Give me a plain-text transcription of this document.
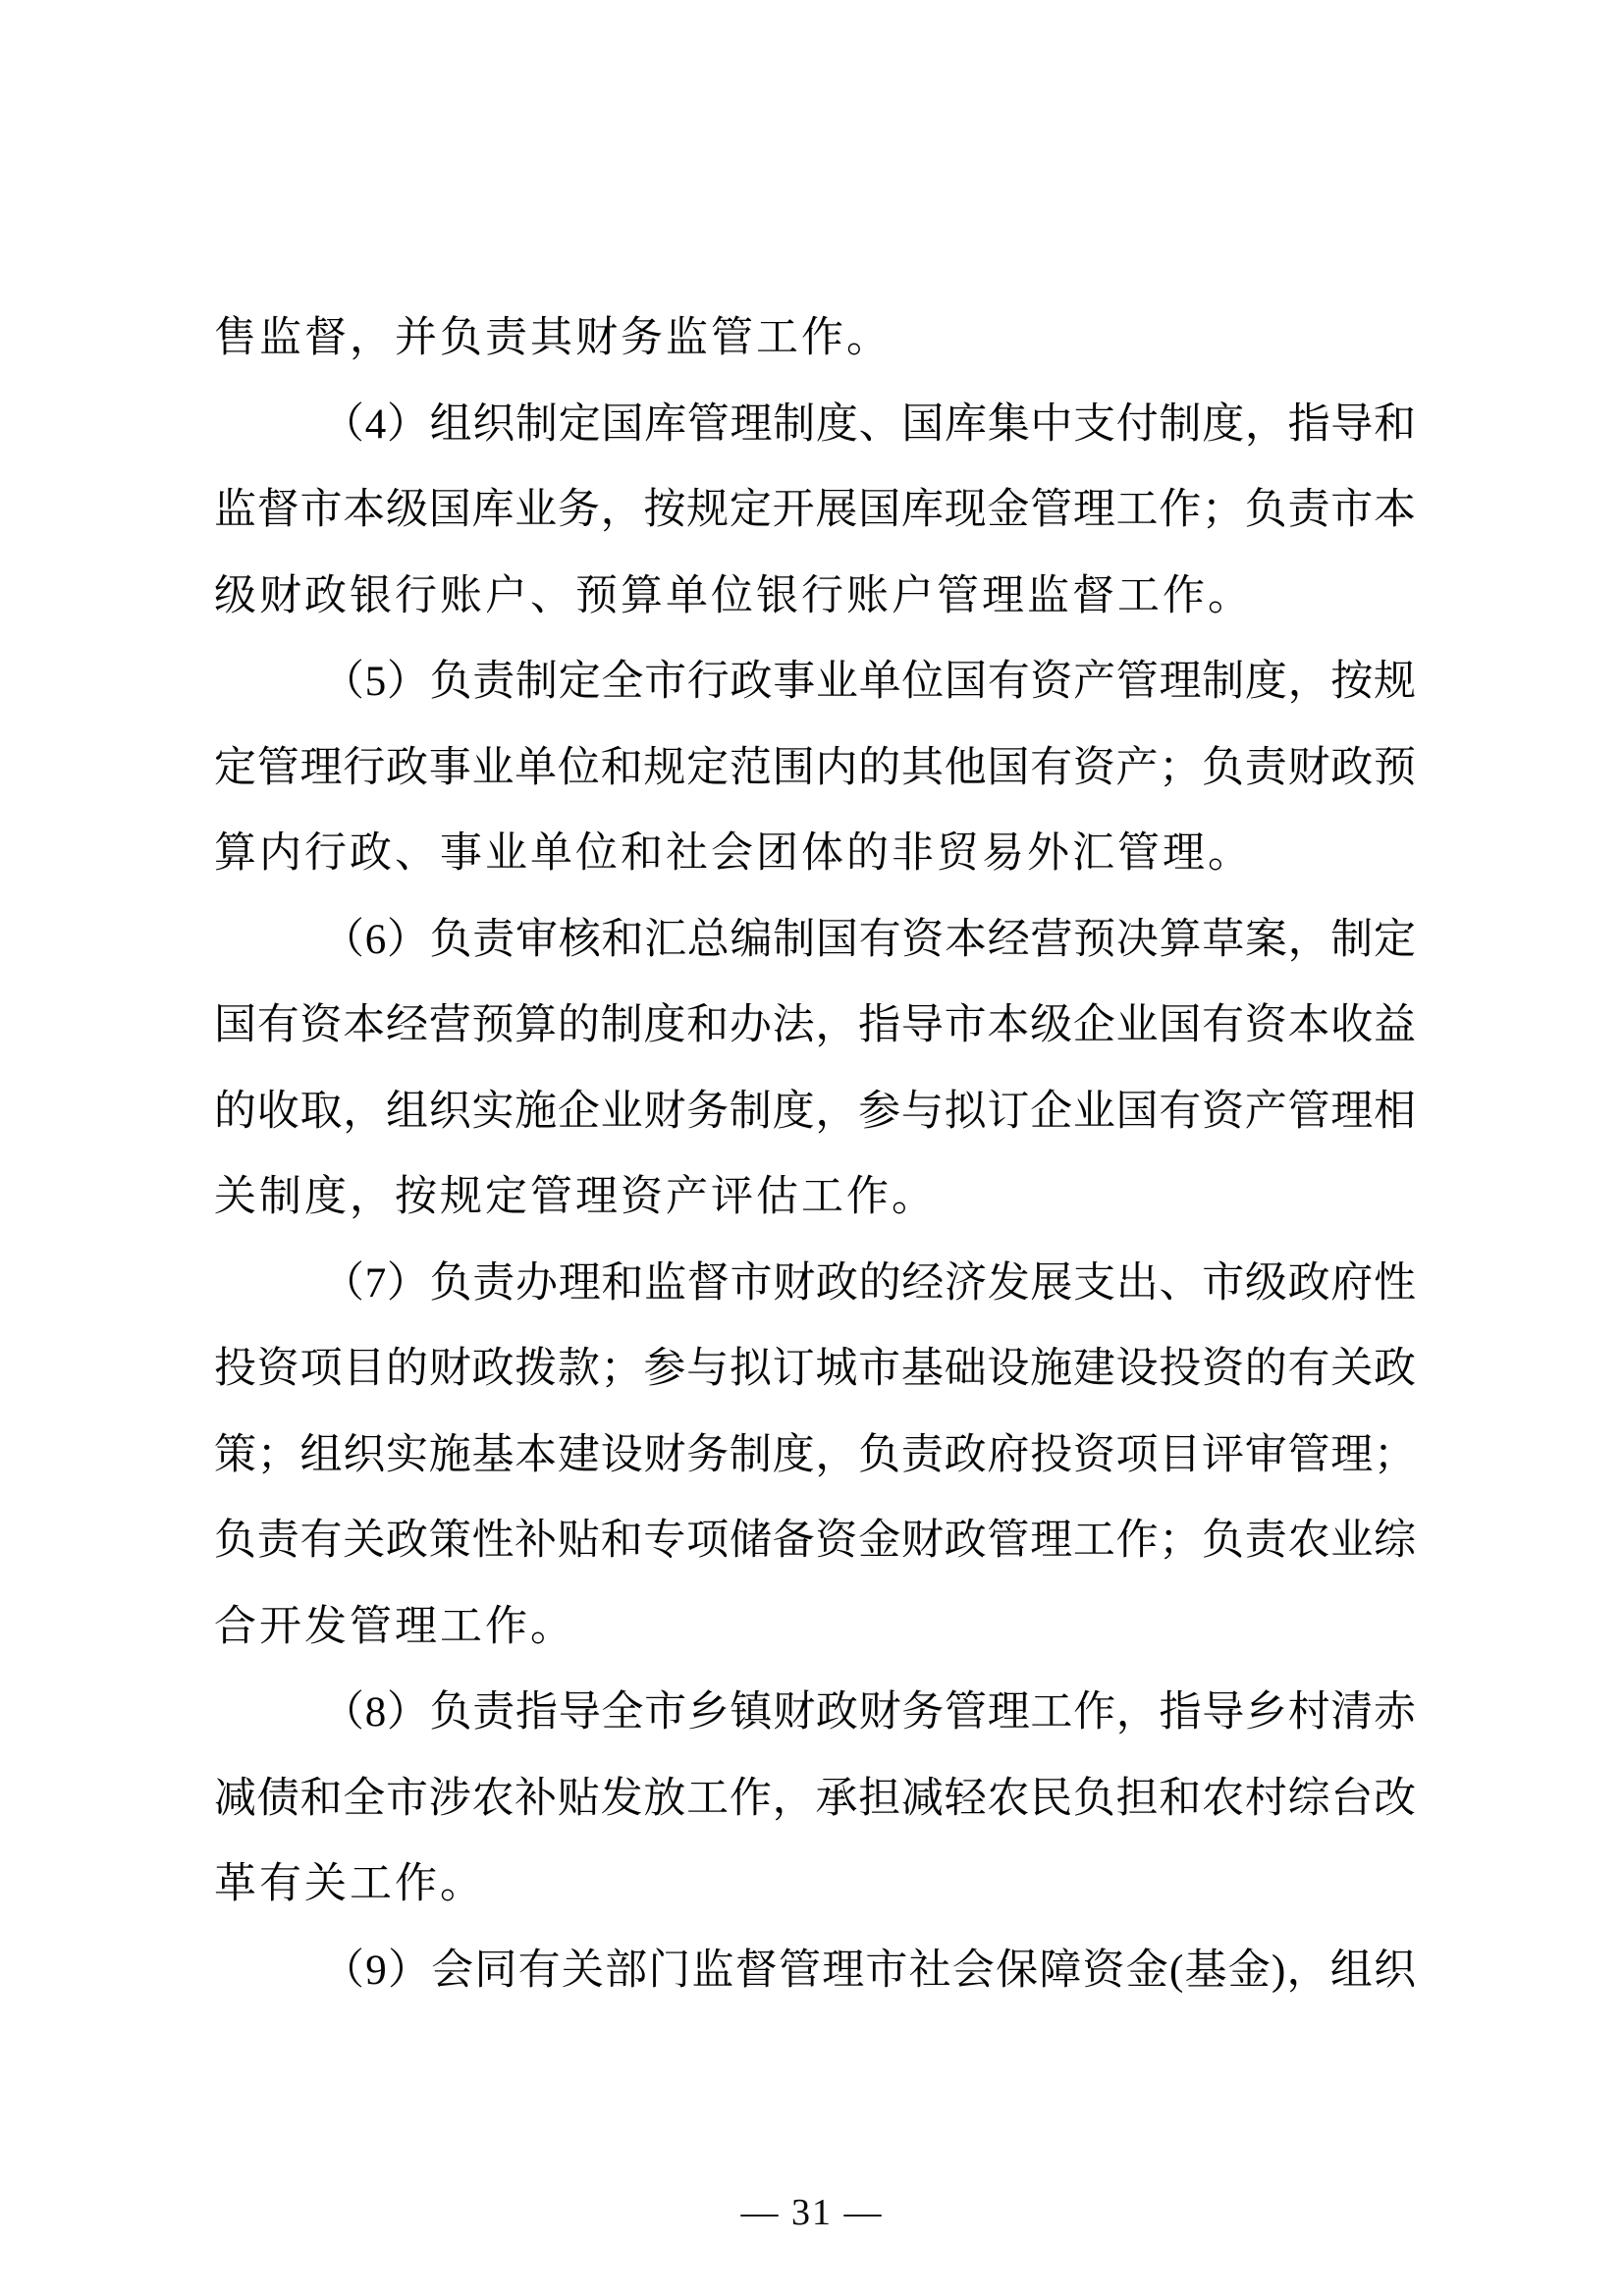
售监督，并负责其财务监管工作。

（4）组织制定国库管理制度、国库集中支付制度，指导和

监督市本级国库业务，按规定开展国库现金管理工作；负责市本

级财政银行账户、预算单位银行账户管理监督工作。

（5）负责制定全市行政事业单位国有资产管理制度，按规

定管理行政事业单位和规定范围内的其他国有资产；负责财政预

算内行政、事业单位和社会团体的非贸易外汇管理。

（6）负责审核和汇总编制国有资本经营预决算草案，制定

国有资本经营预算的制度和办法，指导市本级企业国有资本收益

的收取，组织实施企业财务制度，参与拟订企业国有资产管理相

关制度，按规定管理资产评估工作。

（7）负责办理和监督市财政的经济发展支出、市级政府性

投资项目的财政拨款；参与拟订城市基础设施建设投资的有关政

策；组织实施基本建设财务制度，负责政府投资项目评审管理；

负责有关政策性补贴和专项储备资金财政管理工作；负责农业综

合开发管理工作。

（8）负责指导全市乡镇财政财务管理工作，指导乡村清赤

减债和全市涉农补贴发放工作，承担减轻农民负担和农村综台改

革有关工作。

（9）会同有关部门监督管理市社会保障资金(基金)，组织

— 31 —
